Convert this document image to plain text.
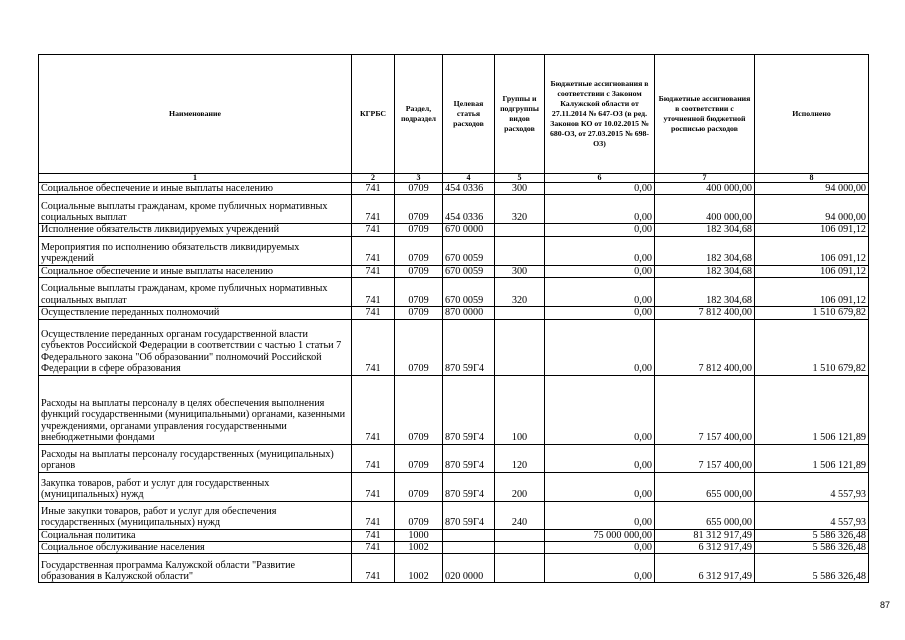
Наименование	КГРБС	Раздел, подраздел	Целевая статья расходов	Группы и подгруппы видов расходов	Бюджетные ассигнования в соответствии с Законом Калужской области от 27.11.2014 № 647-ОЗ (в ред. Законов КО от 10.02.2015 № 680-ОЗ, от 27.03.2015 № 698-ОЗ)	Бюджетные ассигнования в соответствии с уточненной бюджетной росписью расходов	Исполнено
1	2	3	4	5	6	7	8
Социальное обеспечение и иные выплаты населению	741	0709	454 0336	300	0,00	400 000,00	94 000,00
Социальные выплаты гражданам, кроме публичных нормативных социальных выплат	741	0709	454 0336	320	0,00	400 000,00	94 000,00
Исполнение обязательств ликвидируемых учреждений	741	0709	670 0000		0,00	182 304,68	106 091,12
Мероприятия по исполнению обязательств ликвидируемых учреждений	741	0709	670 0059		0,00	182 304,68	106 091,12
Социальное обеспечение и иные выплаты населению	741	0709	670 0059	300	0,00	182 304,68	106 091,12
Социальные выплаты гражданам, кроме публичных нормативных социальных выплат	741	0709	670 0059	320	0,00	182 304,68	106 091,12
Осуществление переданных полномочий	741	0709	870 0000		0,00	7 812 400,00	1 510 679,82
Осуществление переданных органам государственной власти субъектов Российской Федерации в соответствии с частью 1 статьи 7 Федерального закона "Об образовании" полномочий Российской Федерации в сфере образования	741	0709	870 59Г4		0,00	7 812 400,00	1 510 679,82
Расходы на выплаты персоналу в целях обеспечения выполнения функций государственными (муниципальными) органами, казенными учреждениями, органами управления государственными внебюджетными фондами	741	0709	870 59Г4	100	0,00	7 157 400,00	1 506 121,89
Расходы на выплаты персоналу государственных (муниципальных) органов	741	0709	870 59Г4	120	0,00	7 157 400,00	1 506 121,89
Закупка товаров, работ и услуг для государственных (муниципальных) нужд	741	0709	870 59Г4	200	0,00	655 000,00	4 557,93
Иные закупки товаров, работ и услуг для обеспечения государственных (муниципальных) нужд	741	0709	870 59Г4	240	0,00	655 000,00	4 557,93
Социальная политика	741	1000			75 000 000,00	81 312 917,49	5 586 326,48
Социальное обслуживание населения	741	1002			0,00	6 312 917,49	5 586 326,48
Государственная программа Калужской области "Развитие образования в Калужской области"	741	1002	020 0000		0,00	6 312 917,49	5 586 326,48
87
